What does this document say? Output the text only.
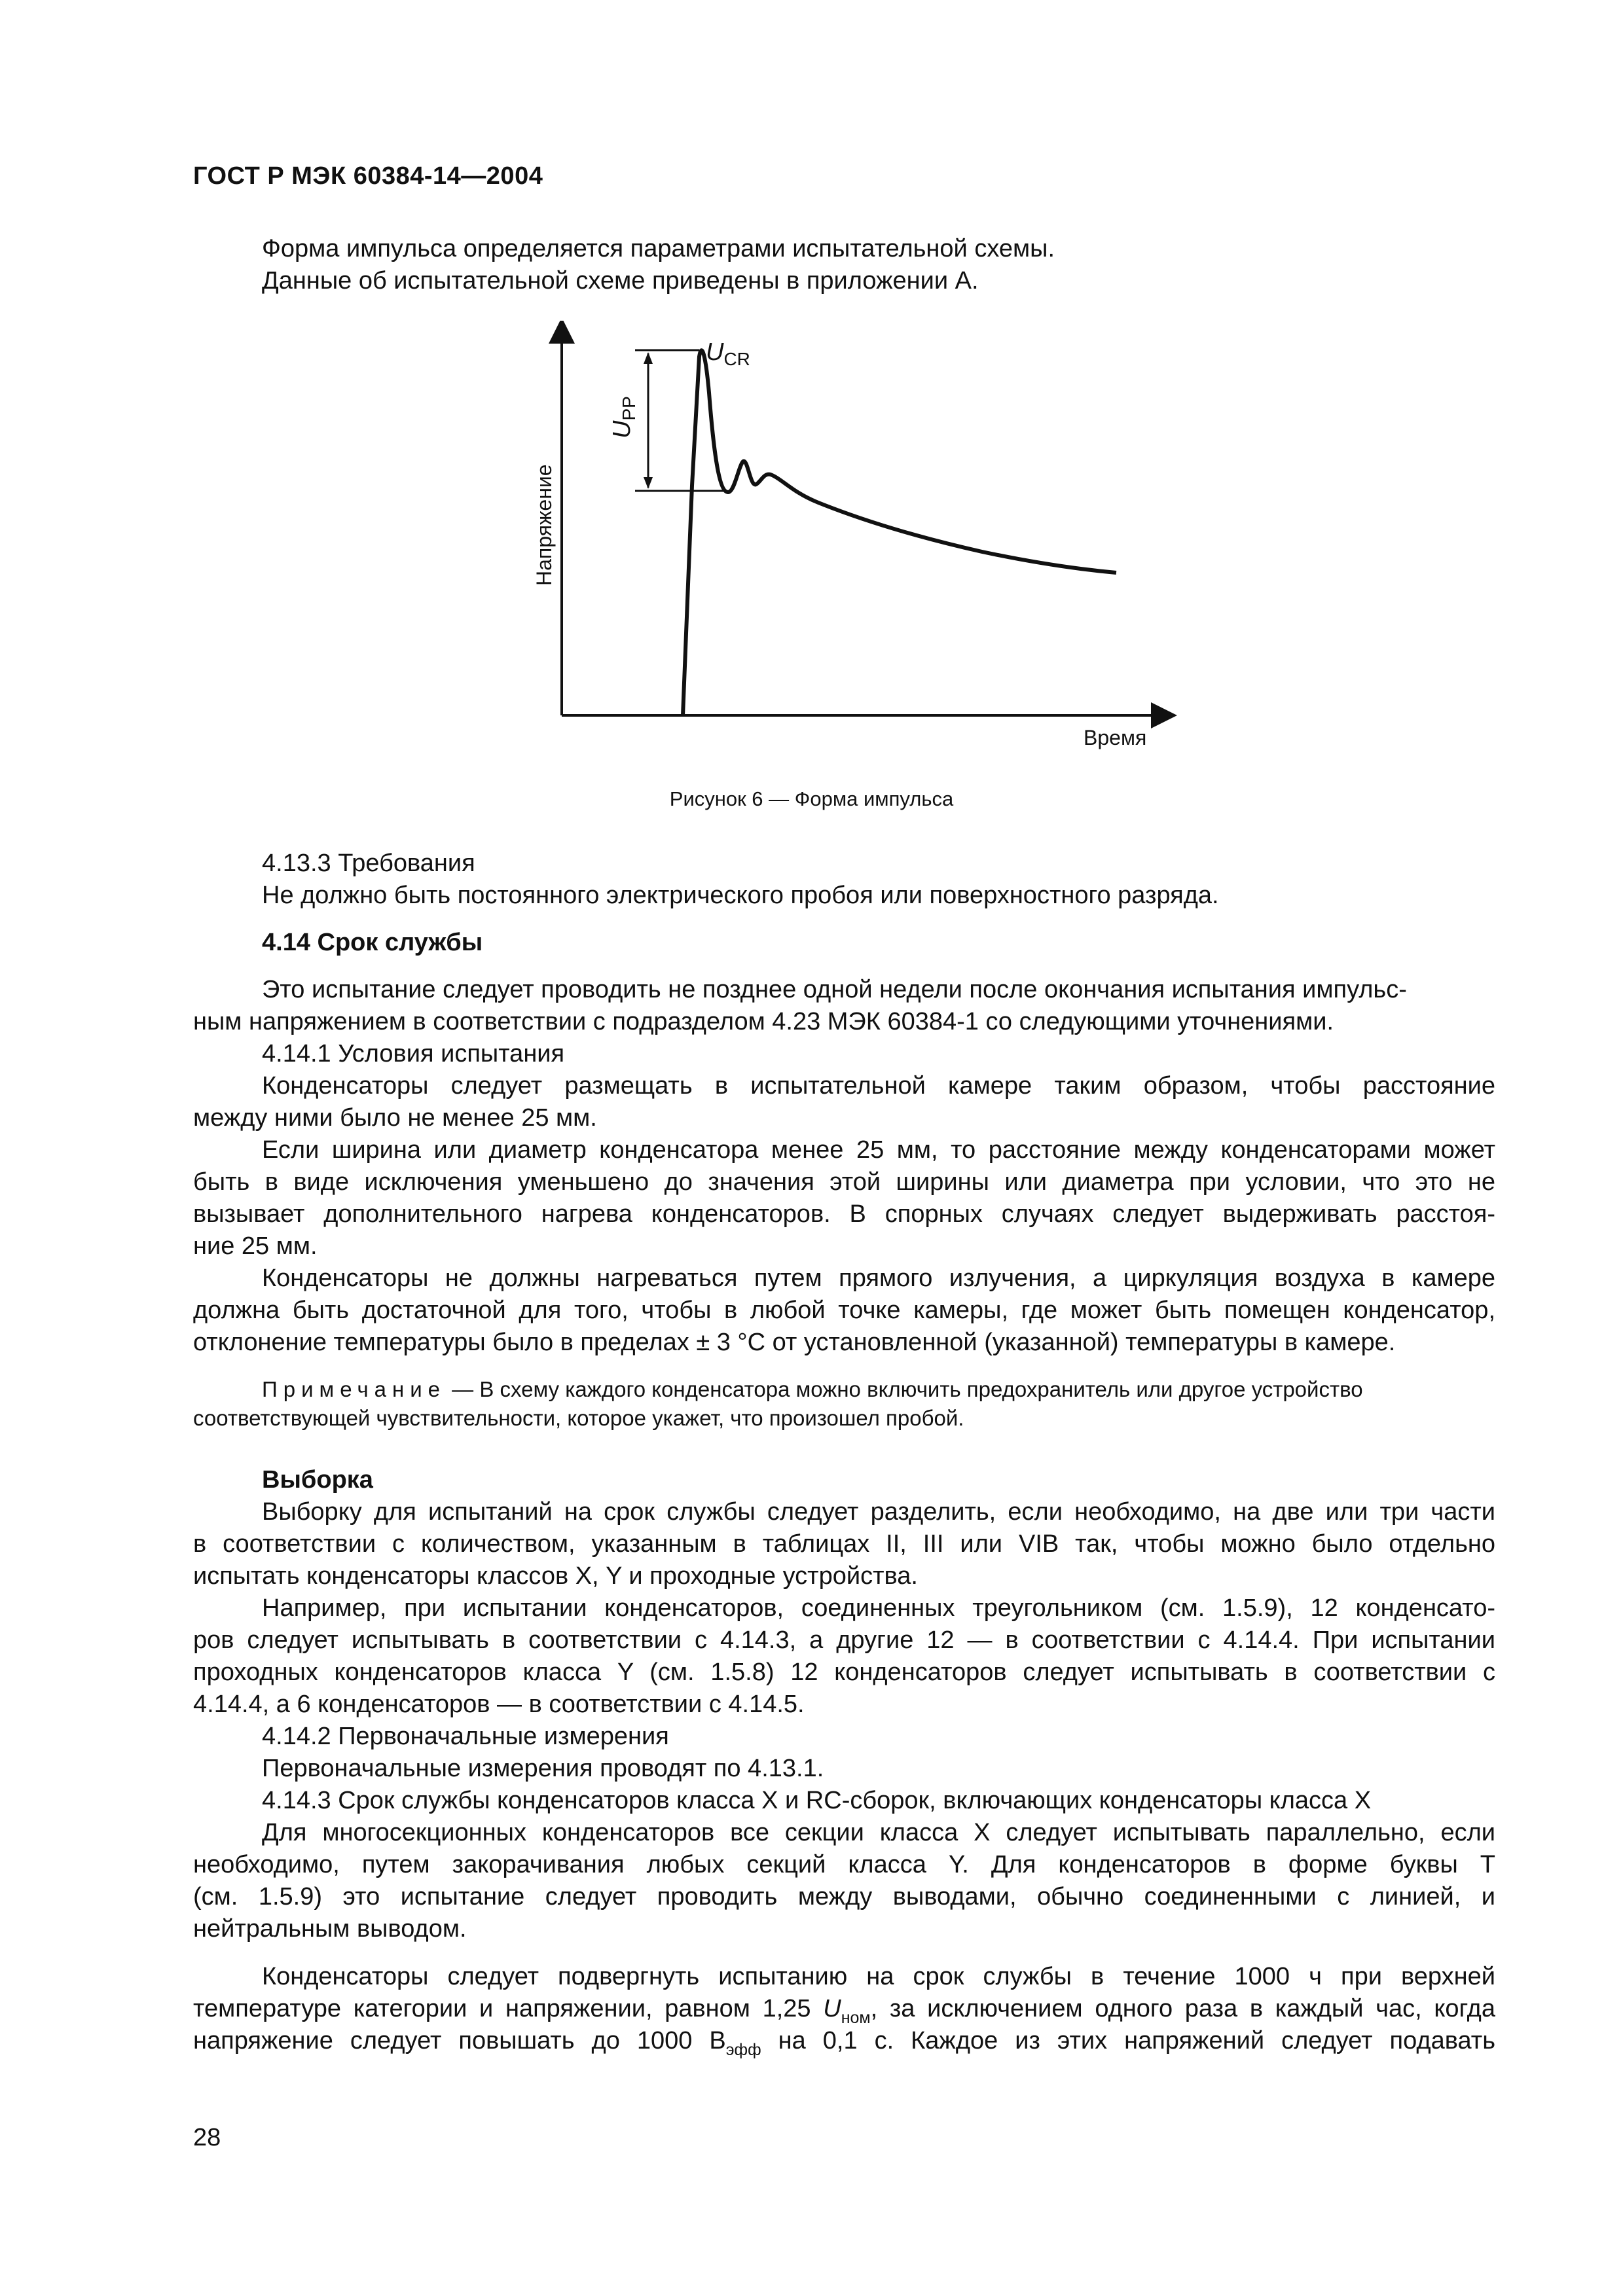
ГОСТ Р МЭК 60384-14—2004
Форма импульса определяется параметрами испытательной схемы.
Данные об испытательной схеме приведены в приложении А.
$U_{CR}$
$U_{PP}$
Напряжение
Время
Рисунок 6 — Форма импульса
4.13.3 Требования
Не должно быть постоянного электрического пробоя или поверхностного разряда.
4.14 Срок службы
Это испытание следует проводить не позднее одной недели после окончания испытания импульс-
ным напряжением в соответствии с подразделом 4.23 МЭК 60384-1 со следующими уточнениями.
4.14.1 Условия испытания
Конденсаторы следует размещать в испытательной камере таким образом, чтобы расстояние
между ними было не менее 25 мм.
Если ширина или диаметр конденсатора менее 25 мм, то расстояние между конденсаторами может
быть в виде исключения уменьшено до значения этой ширины или диаметра при условии, что это не
вызывает дополнительного нагрева конденсаторов. В спорных случаях следует выдерживать расстоя-
ние 25 мм.
Конденсаторы не должны нагреваться путем прямого излучения, а циркуляция воздуха в камере
должна быть достаточной для того, чтобы в любой точке камеры, где может быть помещен конденсатор,
отклонение температуры было в пределах ± 3 °С от установленной (указанной) температуры в камере.
Примечание — В схему каждого конденсатора можно включить предохранитель или другое устройство
соответствующей чувствительности, которое укажет, что произошел пробой.
Выборка
Выборку для испытаний на срок службы следует разделить, если необходимо, на две или три части
в соответствии с количеством, указанным в таблицах II, III или VIB так, чтобы можно было отдельно
испытать конденсаторы классов Х, Y и проходные устройства.
Например, при испытании конденсаторов, соединенных треугольником (см. 1.5.9), 12 конденсато-
ров следует испытывать в соответствии с 4.14.3, а другие 12 — в соответствии с 4.14.4. При испытании
проходных конденсаторов класса Y (см. 1.5.8) 12 конденсаторов следует испытывать в соответствии с
4.14.4, а 6 конденсаторов — в соответствии с 4.14.5.
4.14.2 Первоначальные измерения
Первоначальные измерения проводят по 4.13.1.
4.14.3 Срок службы конденсаторов класса Х и RC-сборок, включающих конденсаторы класса Х
Для многосекционных конденсаторов все секции класса Х следует испытывать параллельно, если
необходимо, путем закорачивания любых секций класса Y. Для конденсаторов в форме буквы Т
(см. 1.5.9) это испытание следует проводить между выводами, обычно соединенными с линией, и
нейтральным выводом.
Конденсаторы следует подвергнуть испытанию на срок службы в течение 1000 ч при верхней
температуре категории и напряжении, равном 1,25 $U_{ном}$, за исключением одного раза в каждый час, когда
напряжение следует повышать до 1000 $В_{эфф}$ на 0,1 с. Каждое из этих напряжений следует подавать
28
